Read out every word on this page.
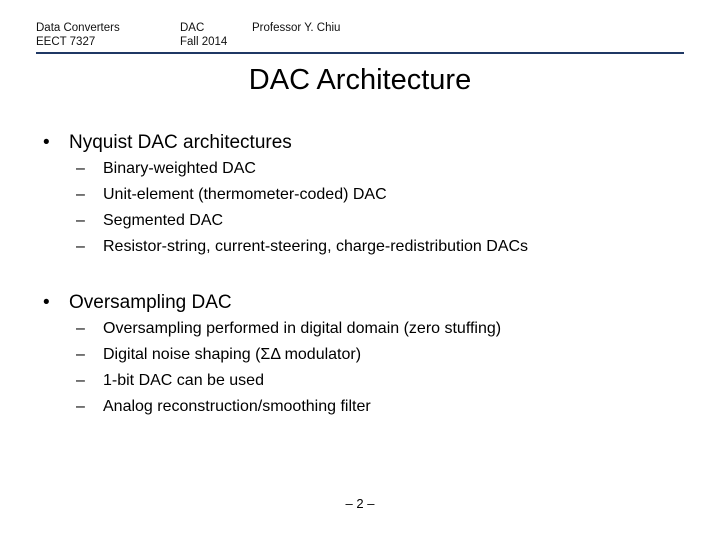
Data Converters
EECT 7327
DAC
Fall 2014
Professor Y. Chiu
DAC Architecture
• Nyquist DAC architectures
– Binary-weighted DAC
– Unit-element (thermometer-coded) DAC
– Segmented DAC
– Resistor-string, current-steering, charge-redistribution DACs
• Oversampling DAC
– Oversampling performed in digital domain (zero stuffing)
– Digital noise shaping (ΣΔ modulator)
– 1-bit DAC can be used
– Analog reconstruction/smoothing filter
– 2 –
